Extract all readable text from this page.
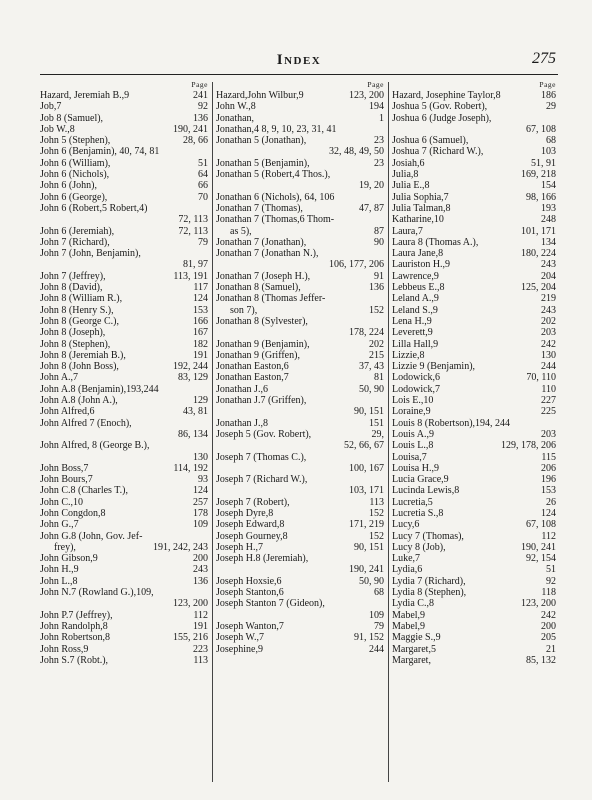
Index	275
Page
Hazard, Jeremiah B.,9	241
Job,7	92
Job 8 (Samuel),	136
Job W.,8	190, 241
John 5 (Stephen),	28, 66
John 6 (Benjamin), 40, 74, 81
John 6 (William),	51
John 6 (Nichols),	64
John 6 (John),	66
John 6 (George),	70
John 6 (Robert,5 Robert,4)
72, 113
John 6 (Jeremiah),	72, 113
John 7 (Richard),	79
John 7 (John, Benjamin),
81, 97
John 7 (Jeffrey),	113, 191
John 8 (David),	117
John 8 (William R.),	124
John 8 (Henry S.),	153
John 8 (George C.),	166
John 8 (Joseph),	167
John 8 (Stephen),	182
John 8 (Jeremiah B.),	191
John 8 (John Boss),	192, 244
John A.,7	83, 129
John A.8 (Benjamin),193,244
John A.8 (John A.),	129
John Alfred,6	43, 81
John Alfred 7 (Enoch),
86, 134
John Alfred, 8 (George B.),
130
John Boss,7	114, 192
John Bours,7	93
John C.8 (Charles T.),	124
John C.,10	257
John Congdon,8	178
John G.,7	109
John G.8 (John, Gov. Jef-
frey),	191, 242, 243
John Gibson,9	200
John H.,9	243
John L.,8	136
John N.7 (Rowland G.),109,
123, 200
John P.7 (Jeffrey),	112
John Randolph,8	191
John Robertson,8	155, 216
John Ross,9	223
John S.7 (Robt.),	113
Page
Hazard,John Wilbur,9	123, 200
John W.,8	194
Jonathan,	1
Jonathan,4 8, 9, 10, 23, 31, 41
Jonathan 5 (Jonathan),	23
32, 48, 49, 50
Jonathan 5 (Benjamin),	23
Jonathan 5 (Robert,4 Thos.),
19, 20
Jonathan 6 (Nichols), 64, 106
Jonathan 7 (Thomas),	47, 87
Jonathan 7 (Thomas,6 Thom-
as 5),	87
Jonathan 7 (Jonathan),	90
Jonathan 7 (Jonathan N.),
106, 177, 206
Jonathan 7 (Joseph H.),	91
Jonathan 8 (Samuel),	136
Jonathan 8 (Thomas Jeffer-
son 7),	152
Jonathan 8 (Sylvester),
178, 224
Jonathan 9 (Benjamin),	202
Jonathan 9 (Griffen),	215
Jonathan Easton,6	37, 43
Jonathan Easton,7	81
Jonathan J.,6	50, 90
Jonathan J.7 (Griffen),
90, 151
Jonathan J.,8	151
Joseph 5 (Gov. Robert),	29,
52, 66, 67
Joseph 7 (Thomas C.),
100, 167
Joseph 7 (Richard W.),
103, 171
Joseph 7 (Robert),	113
Joseph Dyre,8	152
Joseph Edward,8	171, 219
Joseph Gourney,8	152
Joseph H.,7	90, 151
Joseph H.8 (Jeremiah),
190, 241
Joseph Hoxsie,6	50, 90
Joseph Stanton,6	68
Joseph Stanton 7 (Gideon),
109
Joseph Wanton,7	79
Joseph W.,7	91, 152
Josephine,9	244
Page
Hazard, Josephine Taylor,8	186
Joshua 5 (Gov. Robert),	29
Joshua 6 (Judge Joseph),
67, 108
Joshua 6 (Samuel),	68
Joshua 7 (Richard W.),	103
Josiah,6	51, 91
Julia,8	169, 218
Julia E.,8	154
Julia Sophia,7	98, 166
Julia Talman,8	193
Katharine,10	248
Laura,7	101, 171
Laura 8 (Thomas A.),	134
Laura Jane,8	180, 224
Lauriston H.,9	243
Lawrence,9	204
Lebbeus E.,8	125, 204
Leland A.,9	219
Leland S.,9	243
Lena H.,9	202
Leverett,9	203
Lilla Hall,9	242
Lizzie,8	130
Lizzie 9 (Benjamin),	244
Lodowick,6	70, 110
Lodowick,7	110
Lois E.,10	227
Loraine,9	225
Louis 8 (Robertson),194, 244
Louis A.,9	203
Louis L.,8	129, 178, 206
Louisa,7	115
Louisa H.,9	206
Lucia Grace,9	196
Lucinda Lewis,8	153
Lucretia,5	26
Lucretia S.,8	124
Lucy,6	67, 108
Lucy 7 (Thomas),	112
Lucy 8 (Job),	190, 241
Luke,7	92, 154
Lydia,6	51
Lydia 7 (Richard),	92
Lydia 8 (Stephen),	118
Lydia C.,8	123, 200
Mabel,9	242
Mabel,9	200
Maggie S.,9	205
Margaret,5	21
Margaret,	85, 132
